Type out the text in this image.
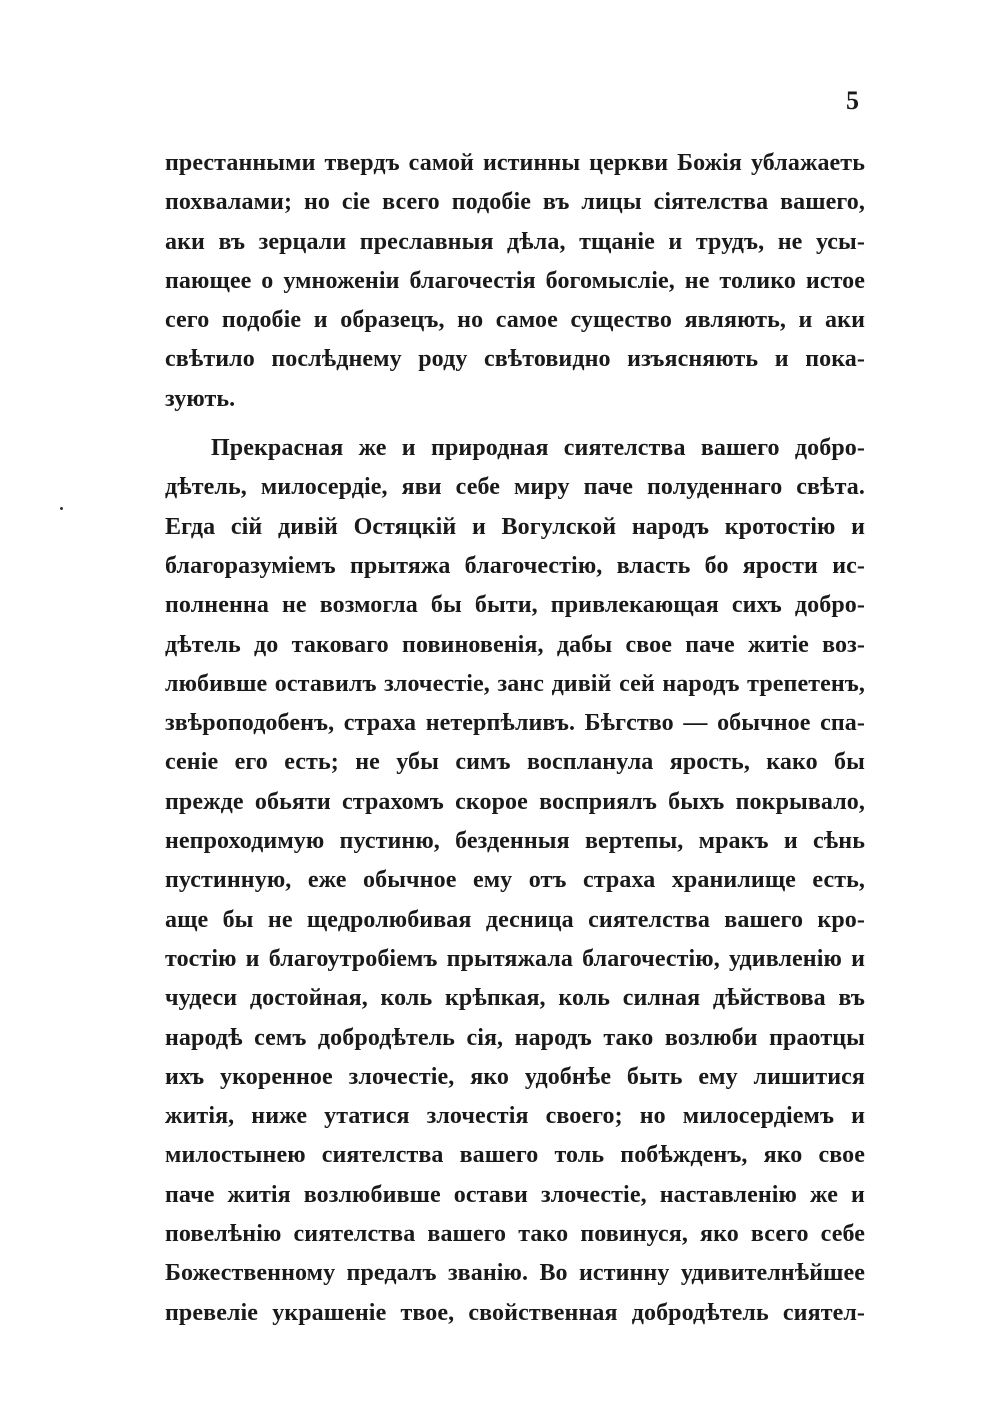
5
престанными твердъ самой истинны церкви Божія ублажаеть
похвалами; но сіе всего подобіе въ лицы сіятелства вашего,
аки въ зерцали преславныя дѣла, тщаніе и трудъ, не усы-
пающее о умноженіи благочестія богомысліе, не толико истое
сего подобіе и образецъ, но самое существо являють, и аки
свѣтило послѣднему роду свѣтовидно изъясняють и пока-
зують.
Прекрасная же и природная сиятелства вашего добро-
дѣтель, милосердіе, яви себе миру паче полуденнаго свѣта.
Егда сій дивій Остяцкій и Вогулской народъ кротостію и
благоразуміемъ прытяжа благочестію, власть бо ярости ис-
полненна не возмогла бы быти, привлекающая сихъ добро-
дѣтель до таковаго повиновенія, дабы свое паче житіе воз-
любивше оставилъ злочестіе, занс дивій сей народъ трепетенъ,
звѣроподобенъ, страха нетерпѣливъ. Бѣгство — обычное спа-
сеніе его есть; не убы симъ воспланула ярость, како бы
прежде обьяти страхомъ скорое восприялъ быхъ покрывало,
непроходимую пустиню, безденныя вертепы, мракъ и сѣнь
пустинную, еже обычное ему отъ страха хранилище есть,
аще бы не щедролюбивая десница сиятелства вашего кро-
тостію и благоутробіемъ прытяжала благочестію, удивленію и
чудеси достойная, коль крѣпкая, коль силная дѣйствова въ
народѣ семъ добродѣтель сія, народъ тако возлюби праотцы
ихъ укоренное злочестіе, яко удобнѣе быть ему лишитися
житія, ниже утатися злочестія своего; но милосердіемъ и
милостынею сиятелства вашего толь побѣжденъ, яко свое
паче житія возлюбивше остави злочестіе, наставленію же и
повелѣнію сиятелства вашего тако повинуся, яко всего себе
Божественному предалъ званію. Во истинну удивителнѣйшее
превеліе украшеніе твое, свойственная добродѣтель сиятел-
